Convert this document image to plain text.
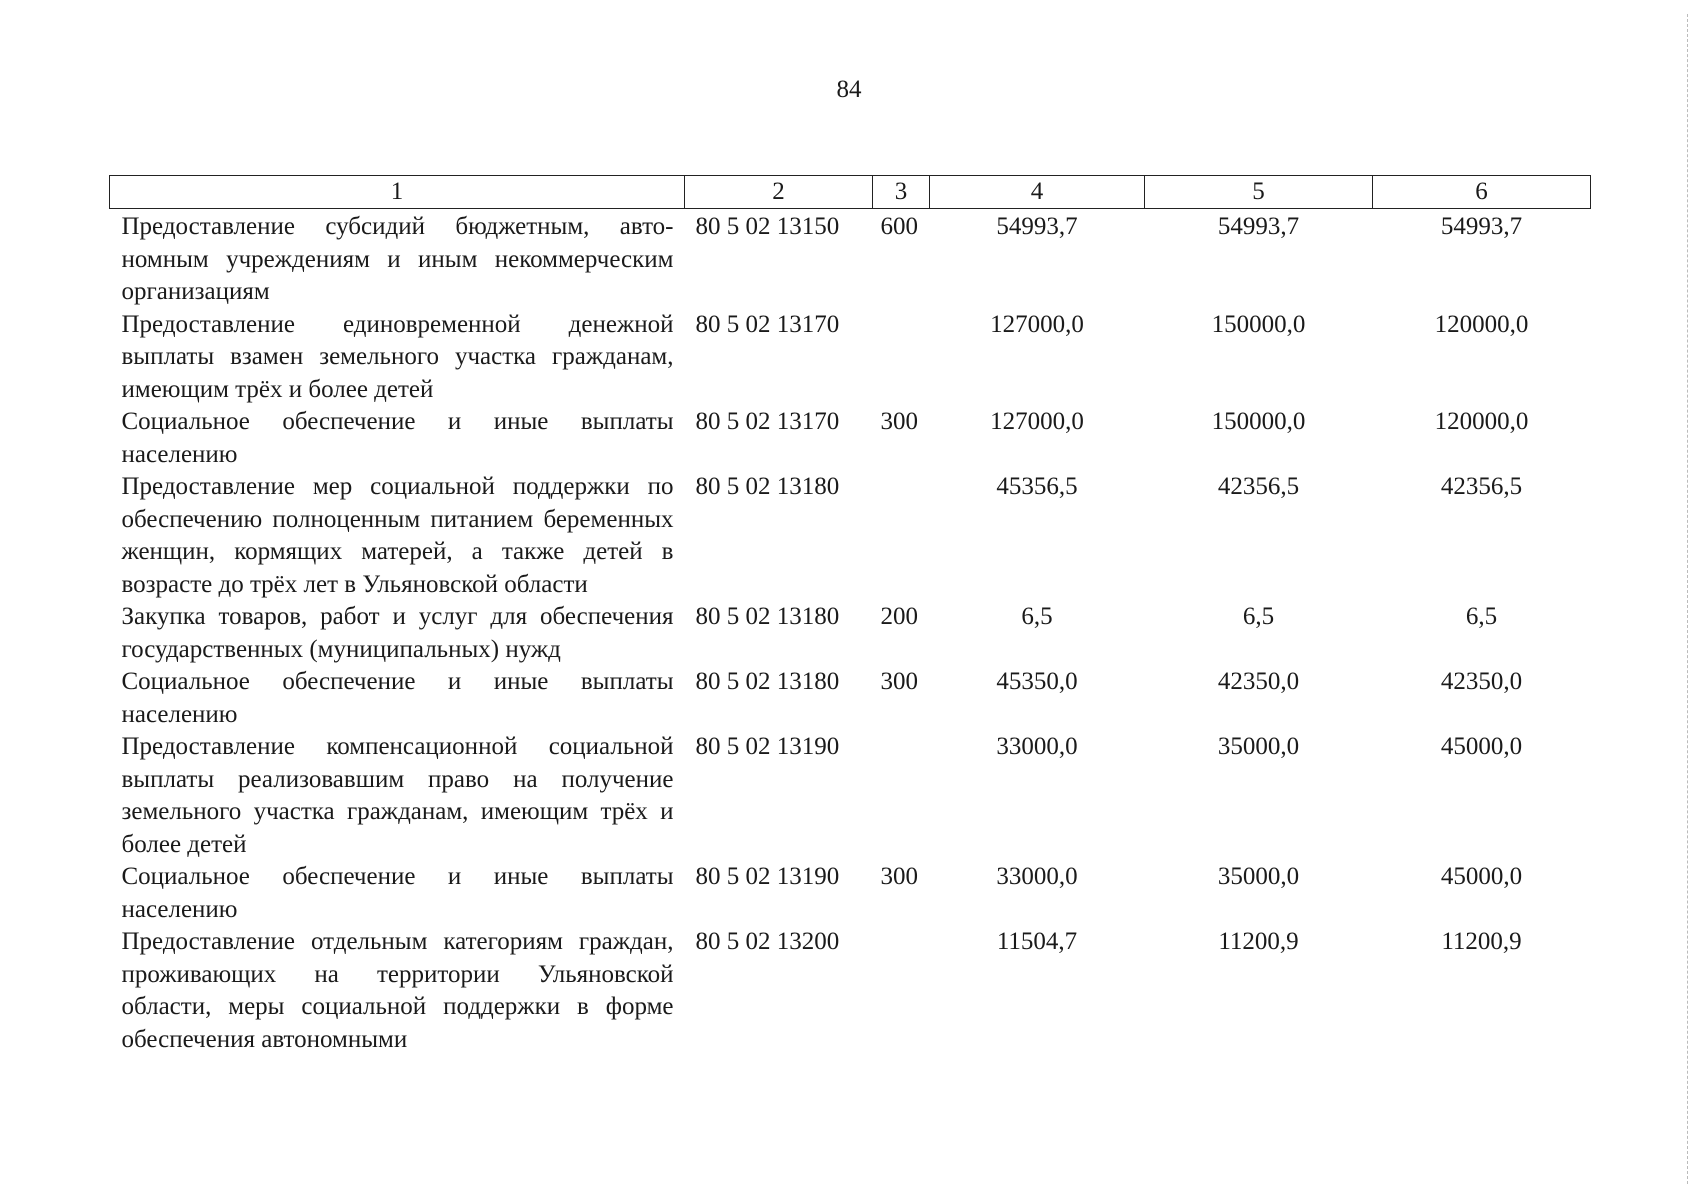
84
1	2	3	4	5	6
Предоставление субсидий бюджетным, автономным учреждениям и иным некоммерческим организациям	80 5 02 13150	600	54993,7	54993,7	54993,7
Предоставление единовременной денежной выплаты взамен земельного участка гражданам, имеющим трёх и более детей	80 5 02 13170		127000,0	150000,0	120000,0
Социальное обеспечение и иные выплаты населению	80 5 02 13170	300	127000,0	150000,0	120000,0
Предоставление мер социальной поддержки по обеспечению полноценным питанием беременных женщин, кормящих матерей, а также детей в возрасте до трёх лет в Ульяновской области	80 5 02 13180		45356,5	42356,5	42356,5
Закупка товаров, работ и услуг для обеспечения государственных (муниципальных) нужд	80 5 02 13180	200	6,5	6,5	6,5
Социальное обеспечение и иные выплаты населению	80 5 02 13180	300	45350,0	42350,0	42350,0
Предоставление компенсационной социальной выплаты реализовавшим право на получение земельного участка гражданам, имеющим трёх и более детей	80 5 02 13190		33000,0	35000,0	45000,0
Социальное обеспечение и иные выплаты населению	80 5 02 13190	300	33000,0	35000,0	45000,0
Предоставление отдельным категориям граждан, проживающих на территории Ульяновской области, меры социальной поддержки в форме обеспечения автономными	80 5 02 13200		11504,7	11200,9	11200,9
